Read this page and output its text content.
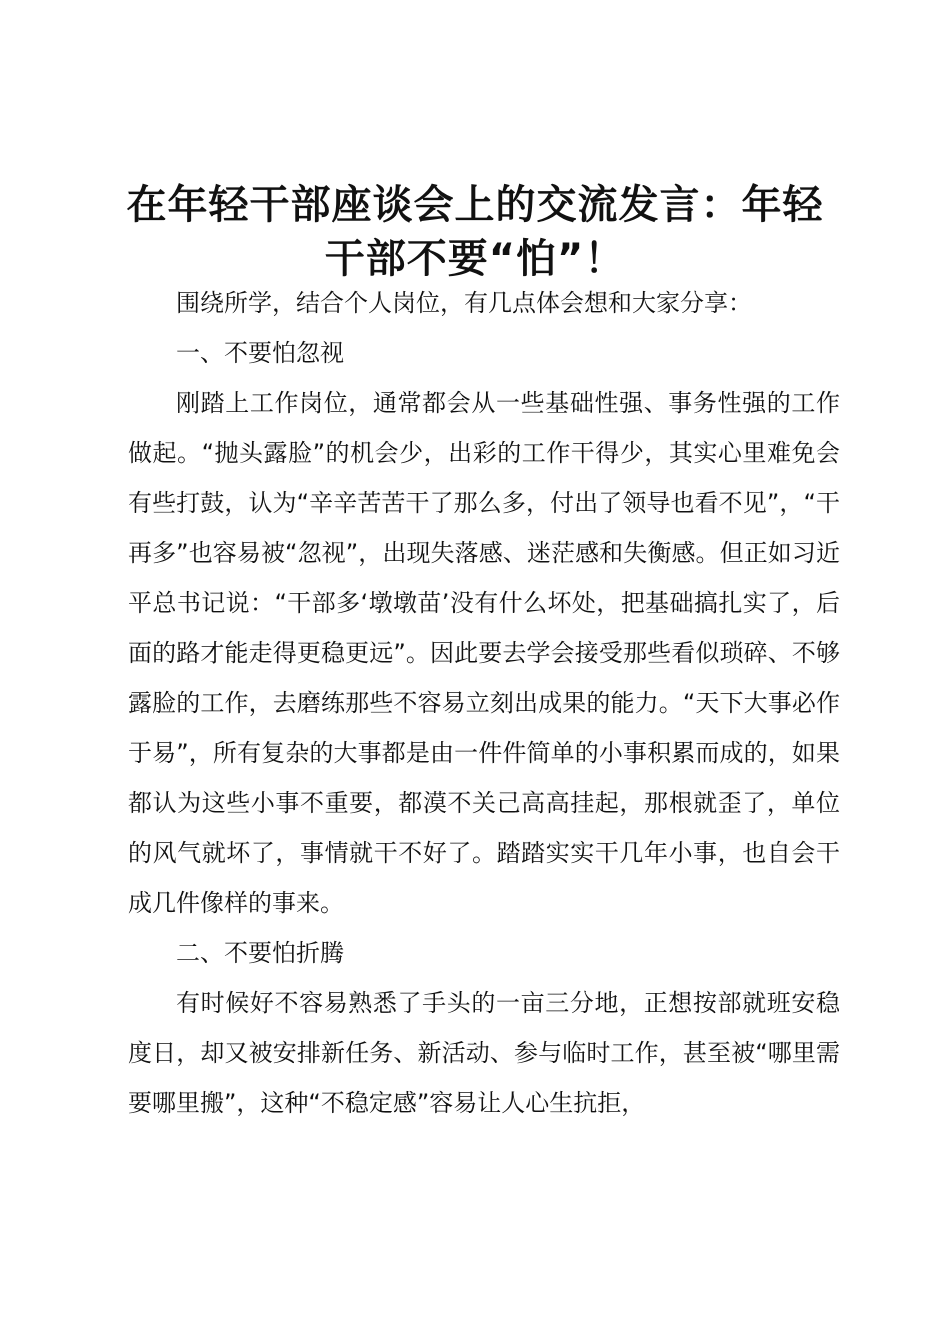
在年轻干部座谈会上的交流发言：年轻干部不要“怕”！

围绕所学，结合个人岗位，有几点体会想和大家分享：

一、不要怕忽视

刚踏上工作岗位，通常都会从一些基础性强、事务性强的工作做起。“抛头露脸”的机会少，出彩的工作干得少，其实心里难免会有些打鼓，认为“辛辛苦苦干了那么多，付出了领导也看不见”，“干再多”也容易被“忽视”，出现失落感、迷茫感和失衡感。但正如习近平总书记说：“干部多‘墩墩苗’没有什么坏处，把基础搞扎实了，后面的路才能走得更稳更远”。因此要去学会接受那些看似琐碎、不够露脸的工作，去磨练那些不容易立刻出成果的能力。“天下大事必作于易”，所有复杂的大事都是由一件件简单的小事积累而成的，如果都认为这些小事不重要，都漠不关己高高挂起，那根就歪了，单位的风气就坏了，事情就干不好了。踏踏实实干几年小事，也自会干成几件像样的事来。

二、不要怕折腾

有时候好不容易熟悉了手头的一亩三分地，正想按部就班安稳度日，却又被安排新任务、新活动、参与临时工作，甚至被“哪里需要哪里搬”，这种“不稳定感”容易让人心生抗拒，
